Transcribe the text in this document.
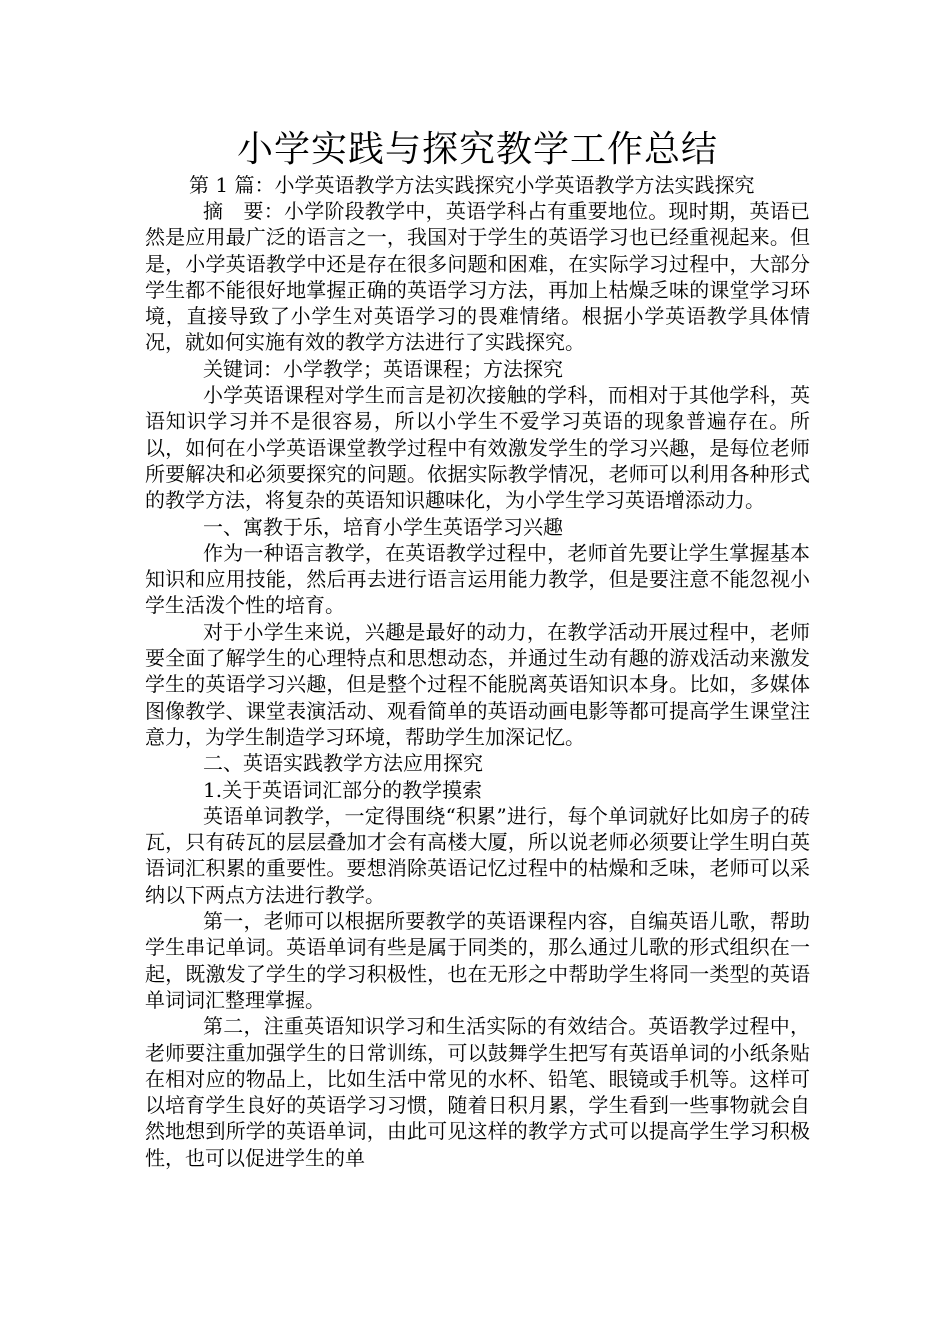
小学实践与探究教学工作总结

第 1 篇：小学英语教学方法实践探究小学英语教学方法实践探究

摘　要：小学阶段教学中，英语学科占有重要地位。现时期，英语已然是应用最广泛的语言之一，我国对于学生的英语学习也已经重视起来。但是，小学英语教学中还是存在很多问题和困难，在实际学习过程中，大部分学生都不能很好地掌握正确的英语学习方法，再加上枯燥乏味的课堂学习环境，直接导致了小学生对英语学习的畏难情绪。根据小学英语教学具体情况，就如何实施有效的教学方法进行了实践探究。

关键词：小学教学；英语课程；方法探究

小学英语课程对学生而言是初次接触的学科，而相对于其他学科，英语知识学习并不是很容易，所以小学生不爱学习英语的现象普遍存在。所以，如何在小学英语课堂教学过程中有效激发学生的学习兴趣，是每位老师所要解决和必须要探究的问题。依据实际教学情况，老师可以利用各种形式的教学方法，将复杂的英语知识趣味化，为小学生学习英语增添动力。

一、寓教于乐，培育小学生英语学习兴趣

作为一种语言教学，在英语教学过程中，老师首先要让学生掌握基本知识和应用技能，然后再去进行语言运用能力教学，但是要注意不能忽视小学生活泼个性的培育。

对于小学生来说，兴趣是最好的动力，在教学活动开展过程中，老师要全面了解学生的心理特点和思想动态，并通过生动有趣的游戏活动来激发学生的英语学习兴趣，但是整个过程不能脱离英语知识本身。比如，多媒体图像教学、课堂表演活动、观看简单的英语动画电影等都可提高学生课堂注意力，为学生制造学习环境，帮助学生加深记忆。

二、英语实践教学方法应用探究

1.关于英语词汇部分的教学摸索

英语单词教学，一定得围绕“积累”进行，每个单词就好比如房子的砖瓦，只有砖瓦的层层叠加才会有高楼大厦，所以说老师必须要让学生明白英语词汇积累的重要性。要想消除英语记忆过程中的枯燥和乏味，老师可以采纳以下两点方法进行教学。

第一，老师可以根据所要教学的英语课程内容，自编英语儿歌，帮助学生串记单词。英语单词有些是属于同类的，那么通过儿歌的形式组织在一起，既激发了学生的学习积极性，也在无形之中帮助学生将同一类型的英语单词词汇整理掌握。

第二，注重英语知识学习和生活实际的有效结合。英语教学过程中，老师要注重加强学生的日常训练，可以鼓舞学生把写有英语单词的小纸条贴在相对应的物品上，比如生活中常见的水杯、铅笔、眼镜或手机等。这样可以培育学生良好的英语学习习惯，随着日积月累，学生看到一些事物就会自然地想到所学的英语单词，由此可见这样的教学方式可以提高学生学习积极性，也可以促进学生的单
